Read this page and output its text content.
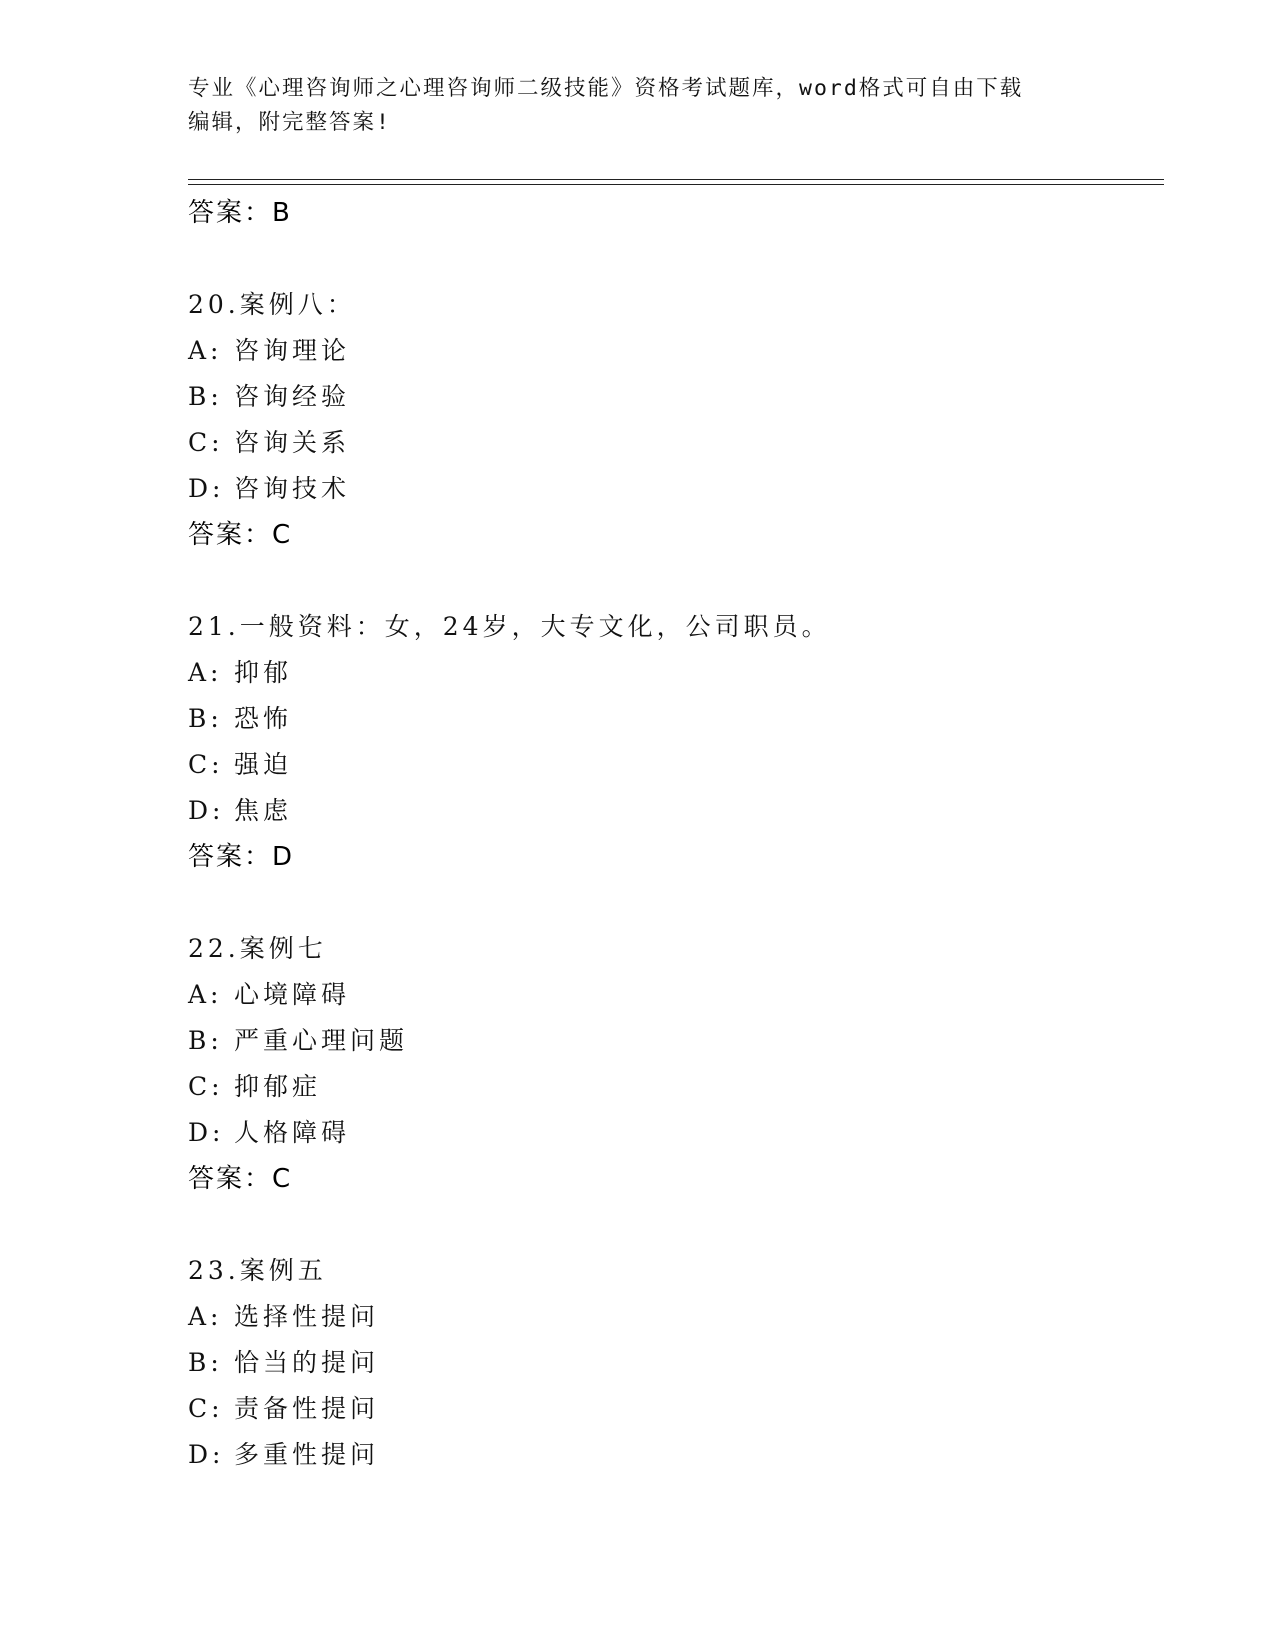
专业《心理咨询师之心理咨询师二级技能》资格考试题库，word格式可自由下载
编辑，附完整答案!
答案：B
20.案例八：
A: 咨询理论
B: 咨询经验
C: 咨询关系
D: 咨询技术
答案：C
21.一般资料：女，24岁，大专文化，公司职员。
A: 抑郁
B: 恐怖
C: 强迫
D: 焦虑
答案：D
22.案例七
A: 心境障碍
B: 严重心理问题
C: 抑郁症
D: 人格障碍
答案：C
23.案例五
A: 选择性提问
B: 恰当的提问
C: 责备性提问
D: 多重性提问
